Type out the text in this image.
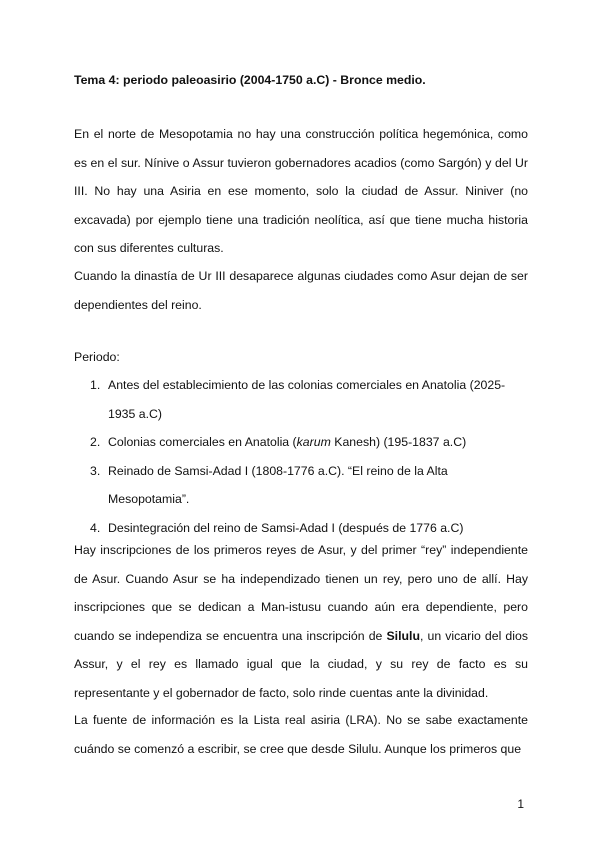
Tema 4: periodo paleoasirio (2004-1750 a.C) - Bronce medio.

En el norte de Mesopotamia no hay una construcción política hegemónica, como es en el sur. Nínive o Assur tuvieron gobernadores acadios (como Sargón) y del Ur III. No hay una Asiria en ese momento, solo la ciudad de Assur. Niniver (no excavada) por ejemplo tiene una tradición neolítica, así que tiene mucha historia con sus diferentes culturas.

Cuando la dinastía de Ur III desaparece algunas ciudades como Asur dejan de ser dependientes del reino.

Periodo:

1. Antes del establecimiento de las colonias comerciales en Anatolia (2025-1935 a.C)
2. Colonias comerciales en Anatolia (karum Kanesh) (195-1837 a.C)
3. Reinado de Samsi-Adad I (1808-1776 a.C). “El reino de la Alta Mesopotamia”.
4. Desintegración del reino de Samsi-Adad I (después de 1776 a.C)

Hay inscripciones de los primeros reyes de Asur, y del primer “rey” independiente de Asur. Cuando Asur se ha independizado tienen un rey, pero uno de allí. Hay inscripciones que se dedican a Man-istusu cuando aún era dependiente, pero cuando se independiza se encuentra una inscripción de Silulu, un vicario del dios Assur, y el rey es llamado igual que la ciudad, y su rey de facto es su representante y el gobernador de facto, solo rinde cuentas ante la divinidad.

La fuente de información es la Lista real asiria (LRA). No se sabe exactamente cuándo se comenzó a escribir, se cree que desde Silulu. Aunque los primeros que

1
